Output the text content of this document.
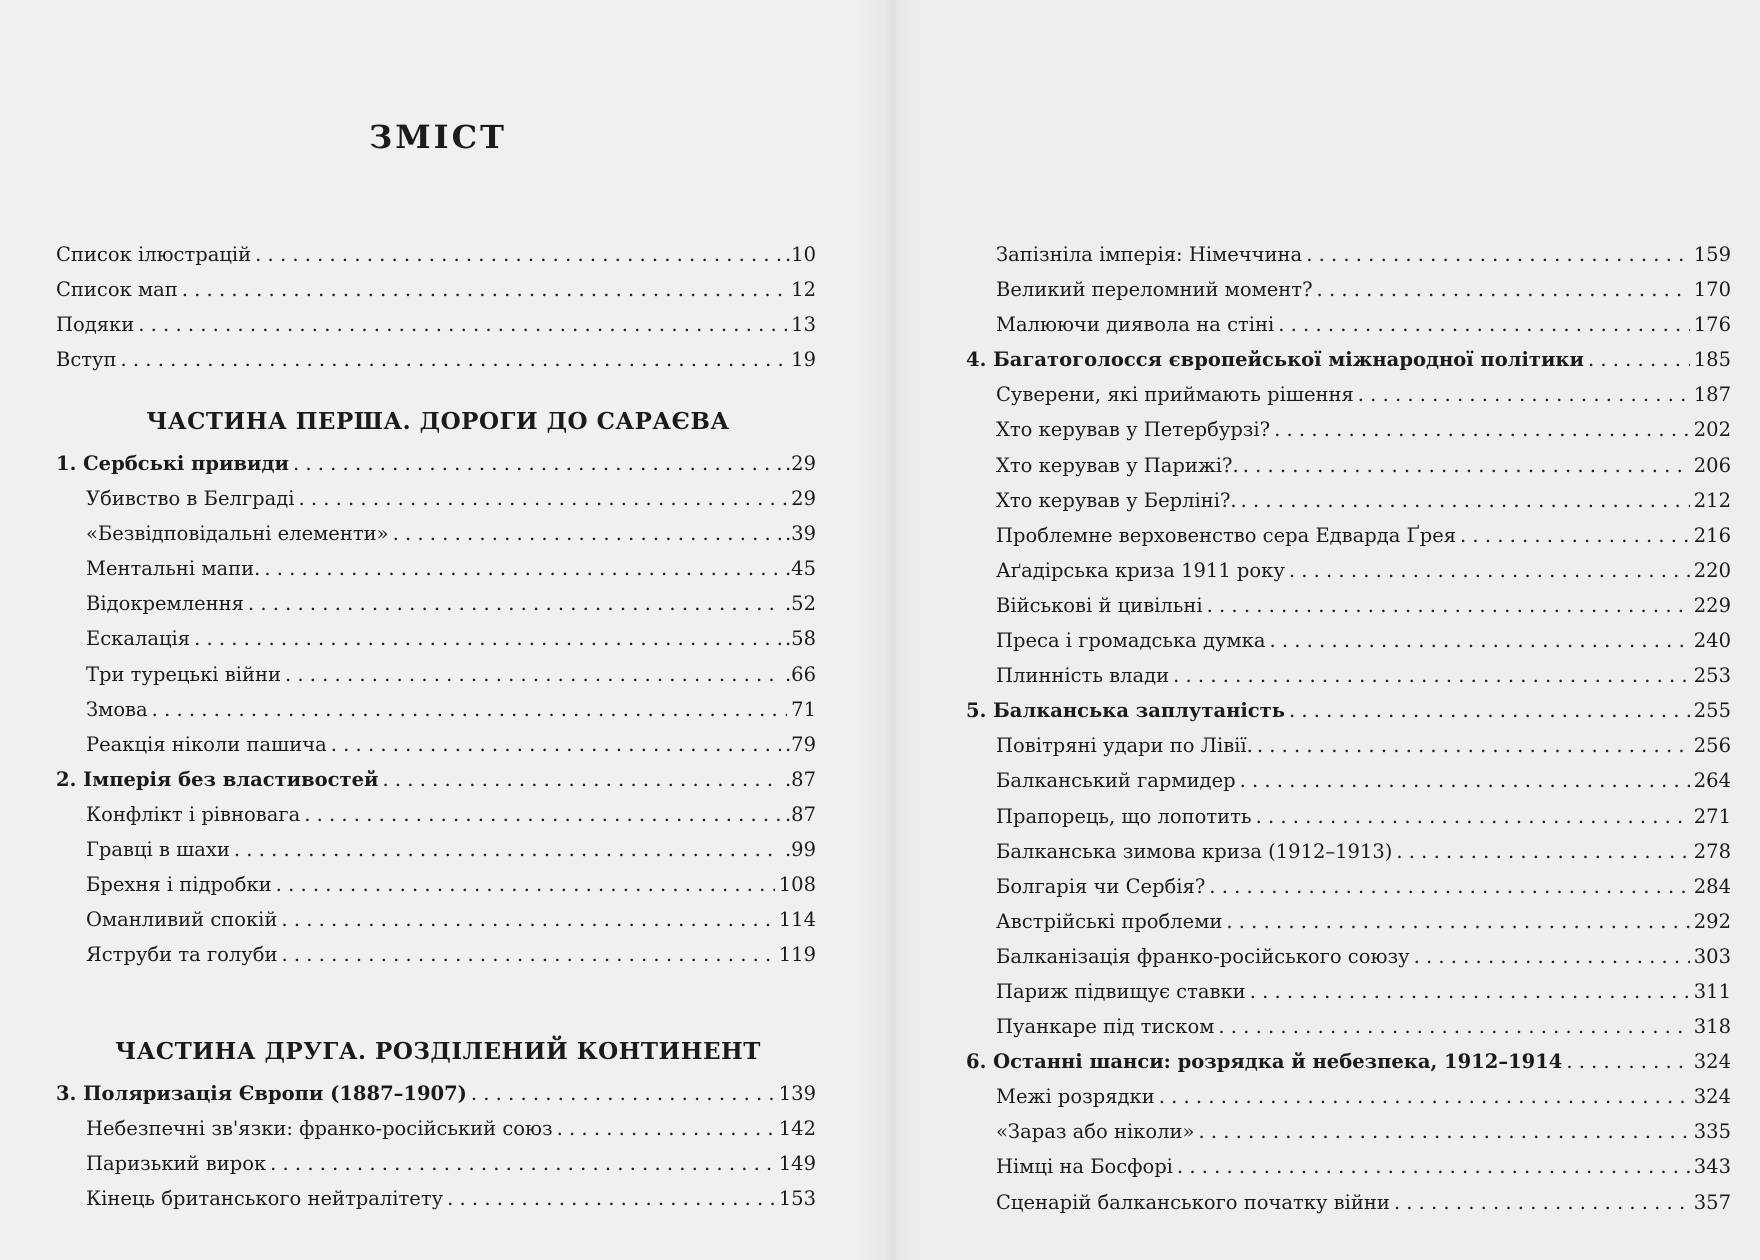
ЗМІСТ
Список ілюстрацій . . .	.10
Список мап . . .	12
Подяки . . .	13
Вступ . . .	19
ЧАСТИНА ПЕРША. ДОРОГИ ДО САРАЄВА
1. Сербські привиди . . .	.29
Убивство в Белграді . . .	29
«Безвідповідальні елементи» . . .	.39
Ментальні мапи. . . .	.45
Відокремлення . . .	.52
Ескалація . . .	.58
Три турецькі війни . . .	.66
Змова . . .	71
Реакція ніколи пашича . . .	.79
2. Імперія без властивостей . . .	.87
Конфлікт і рівновага . . .	.87
Гравці в шахи . . .	.99
Брехня і підробки . . .	108
Оманливий спокій . . .	114
Яструби та голуби . . .	119
ЧАСТИНА ДРУГА. РОЗДІЛЕНИЙ КОНТИНЕНТ
3. Поляризація Європи (1887–1907) . . .	139
Небезпечні зв'язки: франко-російський союз . . .	142
Паризький вирок . . .	149
Кінець британського нейтралітету . . .	153
Запізніла імперія: Німеччина . . .	159
Великий переломний момент? . . .	170
Малюючи диявола на стіні . . .	176
4. Багатоголосся європейської міжнародної політики . . .	185
Суверени, які приймають рішення . . .	187
Хто керував у Петербурзі? . . .	202
Хто керував у Парижі?. . . .	206
Хто керував у Берліні?. . . .	212
Проблемне верховенство сера Едварда Ґрея . . .	216
Аґадірська криза 1911 року . . .	220
Військові й цивільні . . .	229
Преса і громадська думка . . .	240
Плинність влади . . .	253
5. Балканська заплутаність . . .	255
Повітряні удари по Лівії. . . .	256
Балканський гармидер . . .	264
Прапорець, що лопотить . . .	271
Балканська зимова криза (1912–1913) . . .	278
Болгарія чи Сербія? . . .	284
Австрійські проблеми . . .	292
Балканізація франко-російського союзу . . .	303
Париж підвищує ставки . . .	311
Пуанкаре під тиском . . .	318
6. Останні шанси: розрядка й небезпека, 1912–1914 . . .	324
Межі розрядки . . .	324
«Зараз або ніколи» . . .	335
Німці на Босфорі . . .	343
Сценарій балканського початку війни . . .	357
